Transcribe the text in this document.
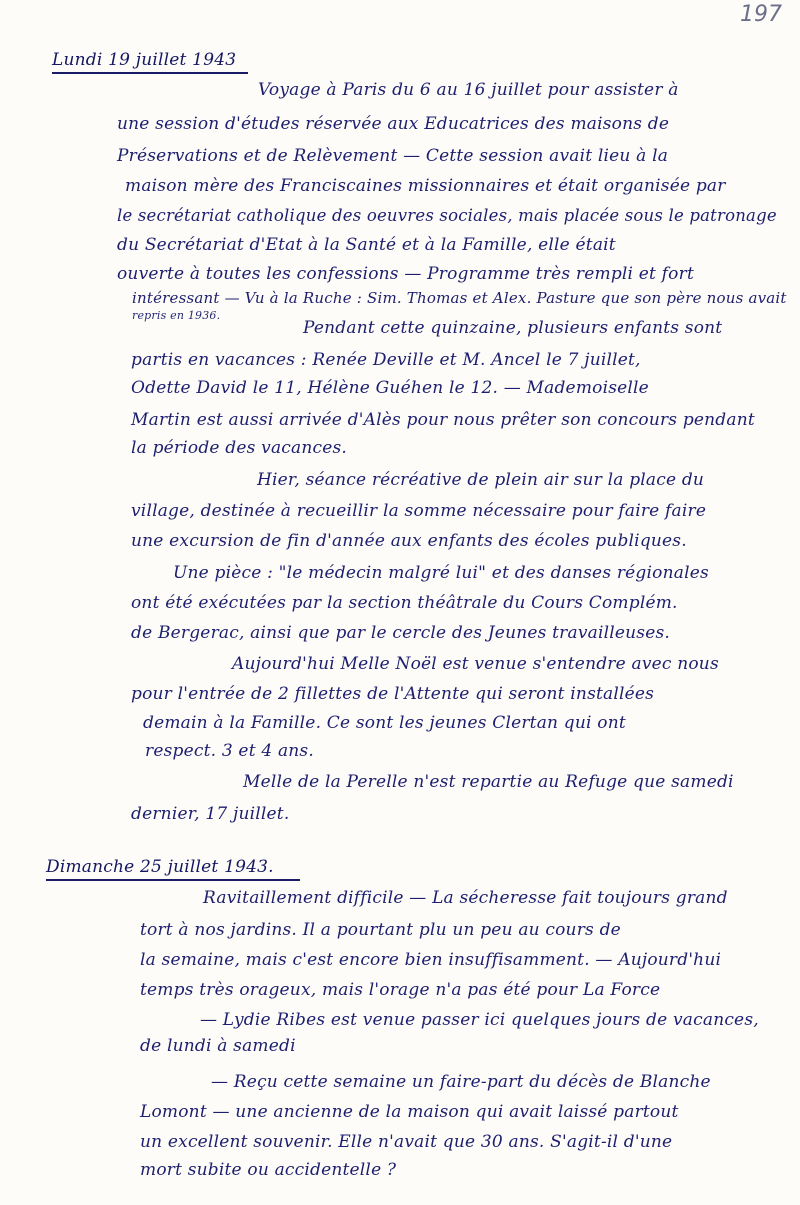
197
Lundi 19 juillet 1943
Voyage à Paris du 6 au 16 juillet pour assister à
une session d'études réservée aux Educatrices des maisons de
Préservations et de Relèvement — Cette session avait lieu à la
maison mère des Franciscaines missionnaires et était organisée par
le secrétariat catholique des oeuvres sociales, mais placée sous le patronage
du Secrétariat d'Etat à la Santé et à la Famille, elle était
ouverte à toutes les confessions — Programme très rempli et fort
intéressant — Vu à la Ruche : Sim. Thomas et Alex. Pasture que son père nous avait
repris en 1936.
Pendant cette quinzaine, plusieurs enfants sont
partis en vacances : Renée Deville et M. Ancel le 7 juillet,
Odette David le 11, Hélène Guéhen le 12. — Mademoiselle
Martin est aussi arrivée d'Alès pour nous prêter son concours pendant
la période des vacances.
Hier, séance récréative de plein air sur la place du
village, destinée à recueillir la somme nécessaire pour faire faire
une excursion de fin d'année aux enfants des écoles publiques.
Une pièce : "le médecin malgré lui" et des danses régionales
ont été exécutées par la section théâtrale du Cours Complém.
de Bergerac, ainsi que par le cercle des Jeunes travailleuses.
Aujourd'hui Melle Noël est venue s'entendre avec nous
pour l'entrée de 2 fillettes de l'Attente qui seront installées
demain à la Famille. Ce sont les jeunes Clertan qui ont
respect. 3 et 4 ans.
Melle de la Perelle n'est repartie au Refuge que samedi
dernier, 17 juillet.
Dimanche 25 juillet 1943.
Ravitaillement difficile — La sécheresse fait toujours grand
tort à nos jardins. Il a pourtant plu un peu au cours de
la semaine, mais c'est encore bien insuffisamment. — Aujourd'hui
temps très orageux, mais l'orage n'a pas été pour La Force
— Lydie Ribes est venue passer ici quelques jours de vacances,
de lundi à samedi
— Reçu cette semaine un faire-part du décès de Blanche
Lomont — une ancienne de la maison qui avait laissé partout
un excellent souvenir. Elle n'avait que 30 ans. S'agit-il d'une
mort subite ou accidentelle ?
